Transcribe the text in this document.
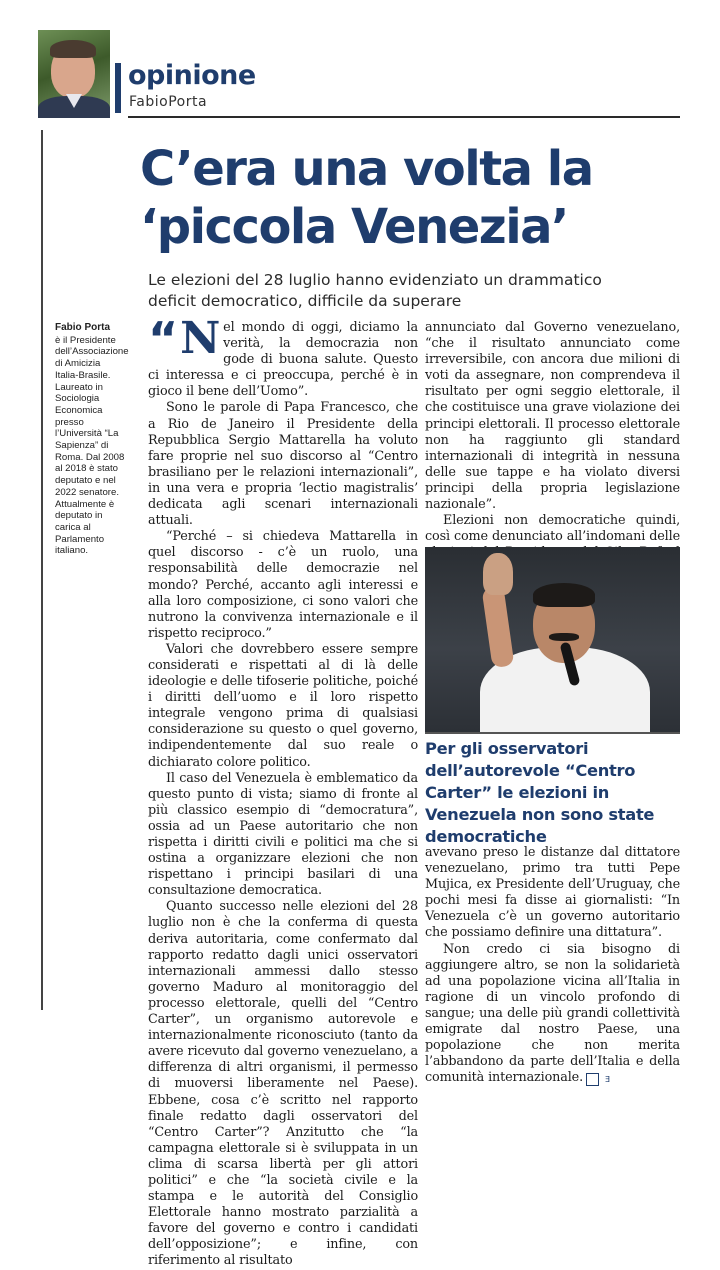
opinione
FabioPorta
C’era una volta la
‘piccola Venezia’
Le elezioni del 28 luglio hanno evidenziato un drammatico
deficit democratico, difficile da superare
Fabio Porta
è il Presidente dell’Associazione di Amicizia Italia-Brasile. Laureato in Sociologia Economica presso l’Università “La Sapienza” di Roma. Dal 2008 al 2018 è stato deputato e nel 2022 senatore. Attualmente è deputato in carica al Parlamento italiano.

“ N el mondo di oggi, diciamo la verità, la democrazia non gode di buona salute. Questo ci interessa e ci preoccupa, perché è in gioco il bene dell’Uomo”.

Sono le parole di Papa Francesco, che a Rio de Janeiro il Presidente della Repubblica Sergio Mattarella ha voluto fare proprie nel suo discorso al “Centro brasiliano per le relazioni internazionali”, in una vera e propria ‘lectio magistralis’ dedicata agli scenari internazionali attuali.

“Perché – si chiedeva Mattarella in quel discorso - c’è un ruolo, una responsabilità delle democrazie nel mondo? Perché, accanto agli interessi e alla loro composizione, ci sono valori che nutrono la convivenza internazionale e il rispetto reciproco.”

Valori che dovrebbero essere sempre considerati e rispettati al di là delle ideologie e delle tifoserie politiche, poiché i diritti dell’uomo e il loro rispetto integrale vengono prima di qualsiasi considerazione su questo o quel governo, indipendentemente dal suo reale o dichiarato colore politico.

Il caso del Venezuela è emblematico da questo punto di vista; siamo di fronte al più classico esempio di “democratura”, ossia ad un Paese autoritario che non rispetta i diritti civili e politici ma che si ostina a organizzare elezioni che non rispettano i principi basilari di una consultazione democratica.

Quanto successo nelle elezioni del 28 luglio non è che la conferma di questa deriva autoritaria, come confermato dal rapporto redatto dagli unici osservatori internazionali ammessi dallo stesso governo Maduro al monitoraggio del processo elettorale, quelli del “Centro Carter”, un organismo autorevole e internazionalmente riconosciuto (tanto da avere ricevuto dal governo venezuelano, a differenza di altri organismi, il permesso di muoversi liberamente nel Paese). Ebbene, cosa c’è scritto nel rapporto finale redatto dagli osservatori del “Centro Carter”? Anzitutto che “la campagna elettorale si è sviluppata in un clima di scarsa libertà per gli attori politici” e che “la società civile e la stampa e le autorità del Consiglio Elettorale hanno mostrato parzialità a favore del governo e contro i candidati dell’opposizione”; e infine, con riferimento al risultato

annunciato dal Governo venezuelano, “che il risultato annunciato come irreversibile, con ancora due milioni di voti da assegnare, non comprendeva il risultato per ogni seggio elettorale, il che costituisce una grave violazione dei principi elettorali. Il processo elettorale non ha raggiunto gli standard internazionali di integrità in nessuna delle sue tappe e ha violato diversi principi della propria legislazione nazionale”.

Elezioni non democratiche quindi, così come denunciato all’indomani delle

Per gli osservatori dell’autorevole “Centro Carter” le elezioni in Venezuela non sono state democratiche

avevano preso le distanze dal dittatore venezuelano, primo tra tutti Pepe Mujica, ex Presidente dell’Uruguay, che pochi mesi fa disse ai giornalisti: “In Venezuela c’è un governo autoritario che possiamo definire una dittatura”.

Non credo ci sia bisogno di aggiungere altro, se non la solidarietà ad una popolazione vicina all’Italia in ragione di un vincolo profondo di sangue; una delle più grandi collettività emigrate dal nostro Paese, una popolazione che non merita l’abbandono da parte dell’Italia e della comunità internazionale.	Ǝ
